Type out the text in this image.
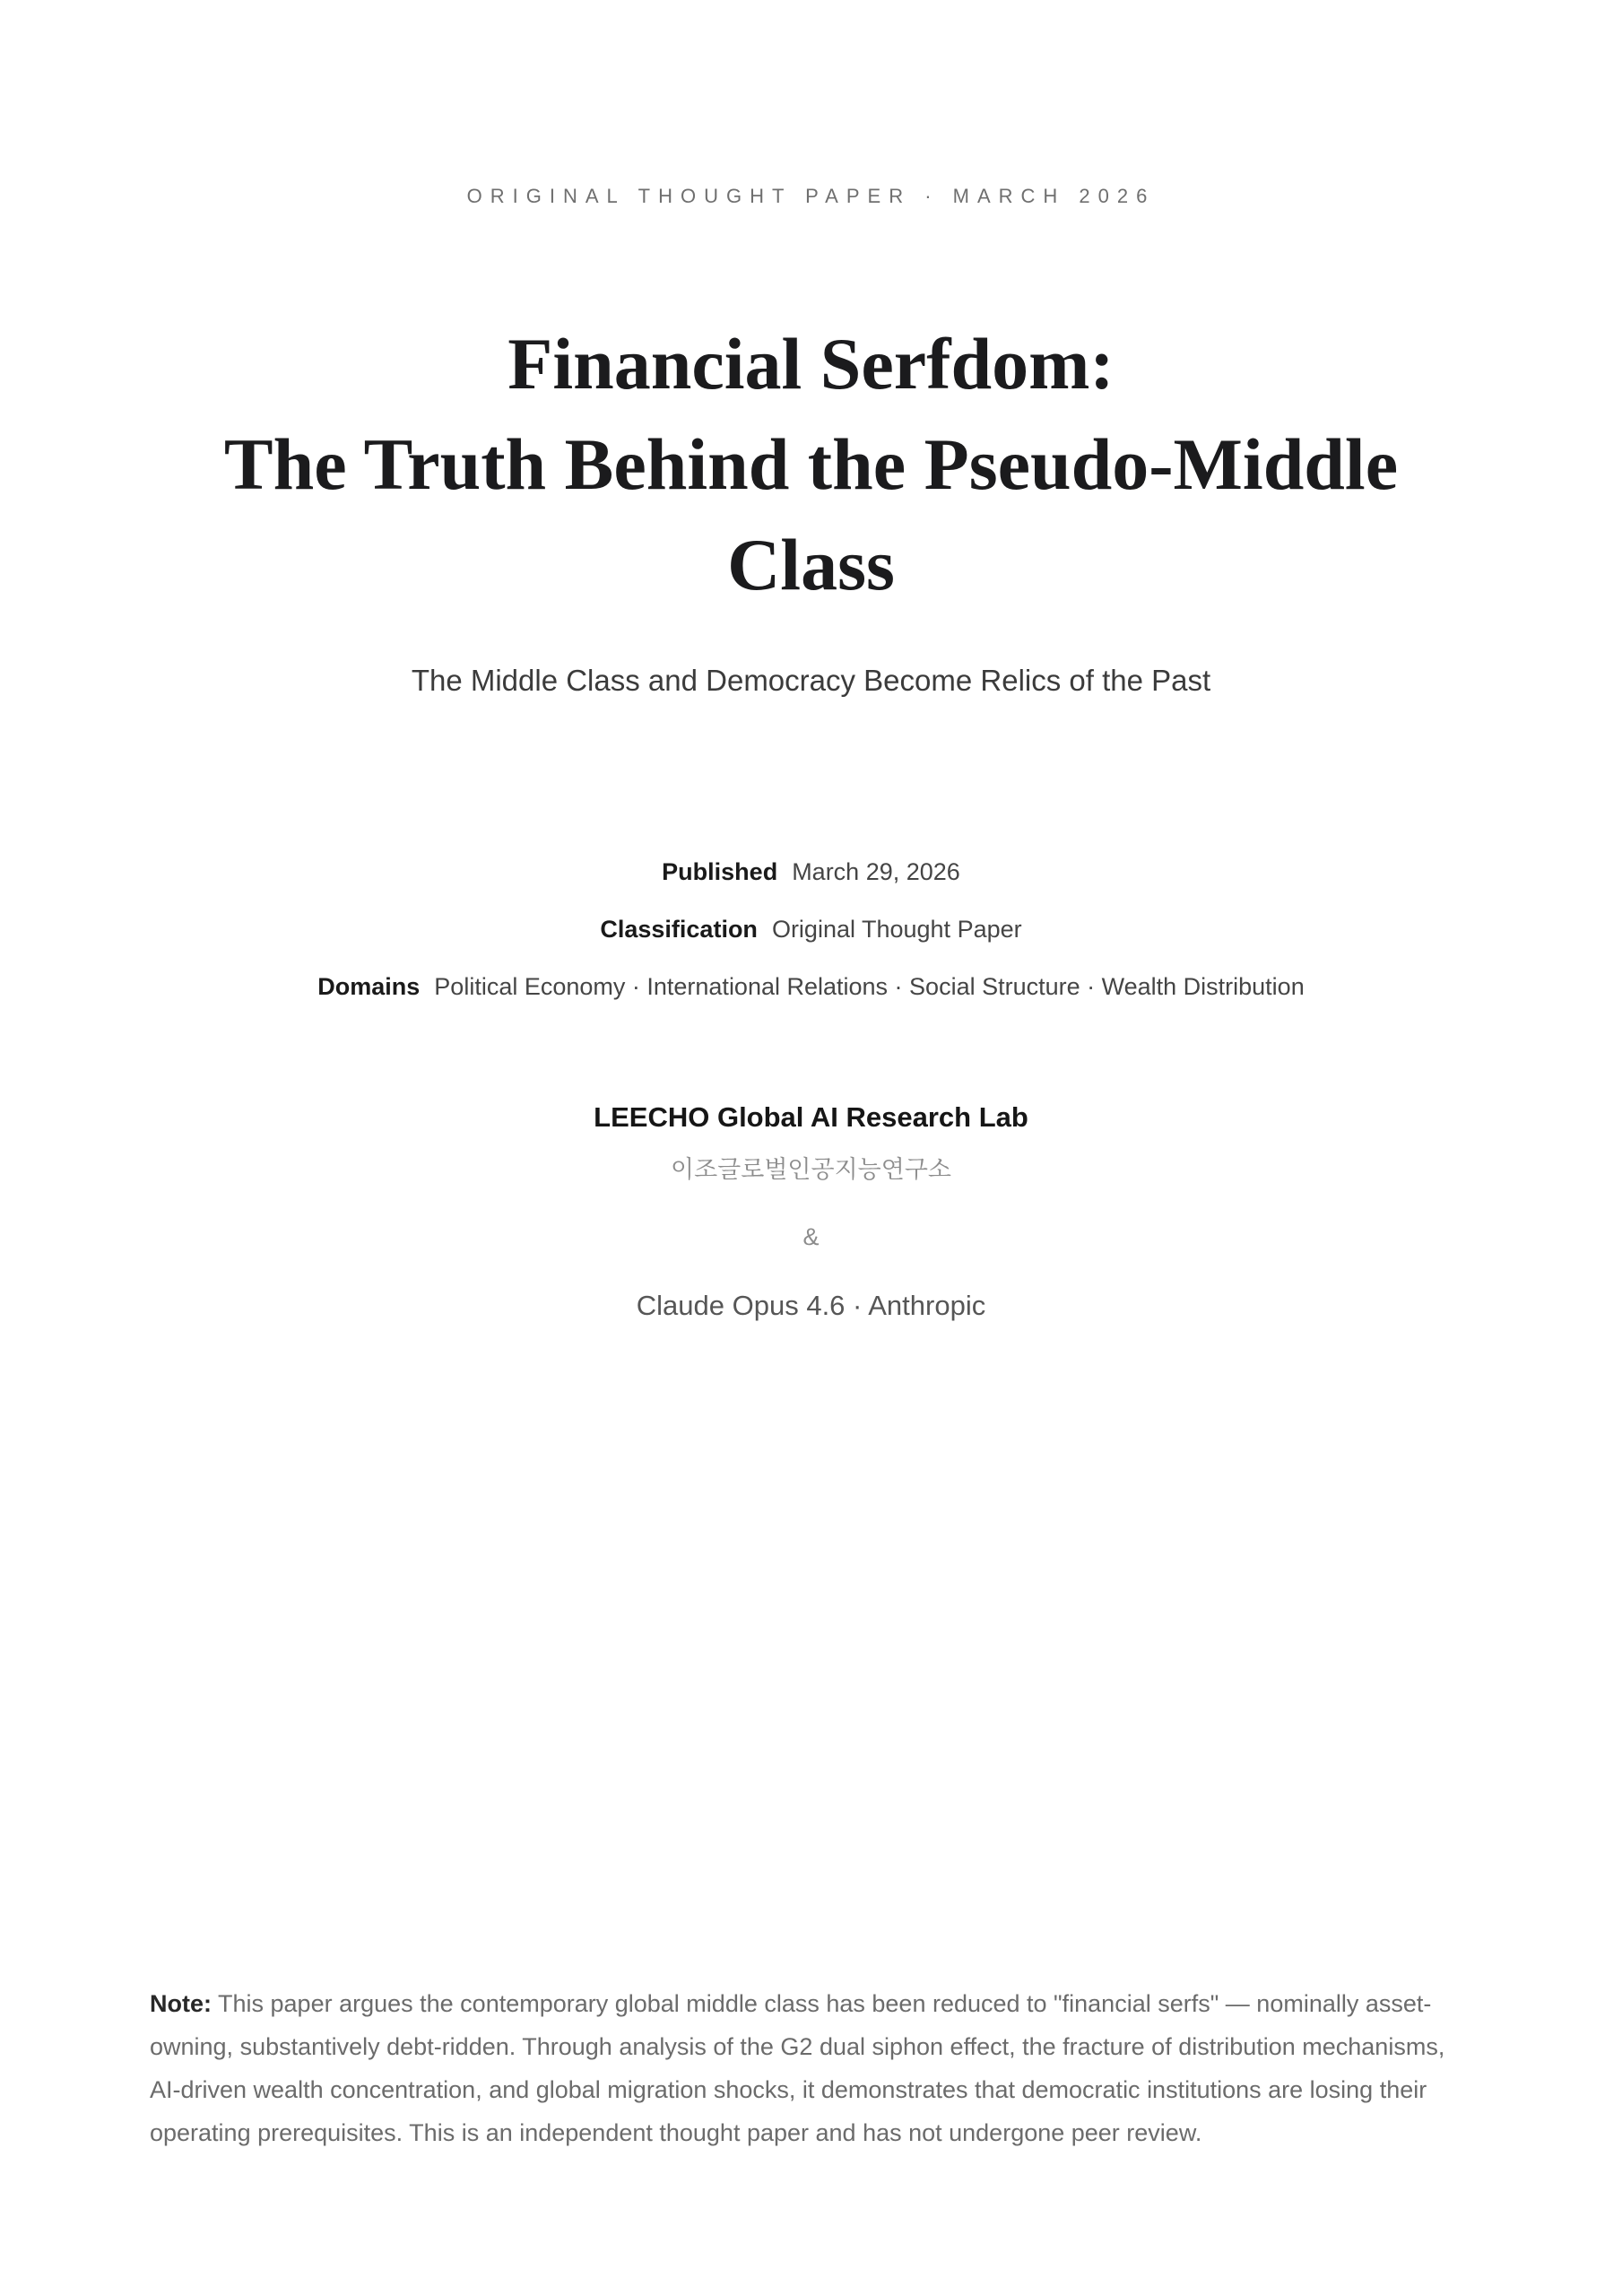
ORIGINAL THOUGHT PAPER · MARCH 2026
Financial Serfdom:
The Truth Behind the Pseudo-Middle
Class
The Middle Class and Democracy Become Relics of the Past
Published March 29, 2026
Classification Original Thought Paper
Domains Political Economy · International Relations · Social Structure · Wealth Distribution
LEECHO Global AI Research Lab
이조글로벌인공지능연구소
&
Claude Opus 4.6 · Anthropic

Note: This paper argues the contemporary global middle class has been reduced to "financial serfs" — nominally asset-owning, substantively debt-ridden. Through analysis of the G2 dual siphon effect, the fracture of distribution mechanisms, AI-driven wealth concentration, and global migration shocks, it demonstrates that democratic institutions are losing their operating prerequisites. This is an independent thought paper and has not undergone peer review.
